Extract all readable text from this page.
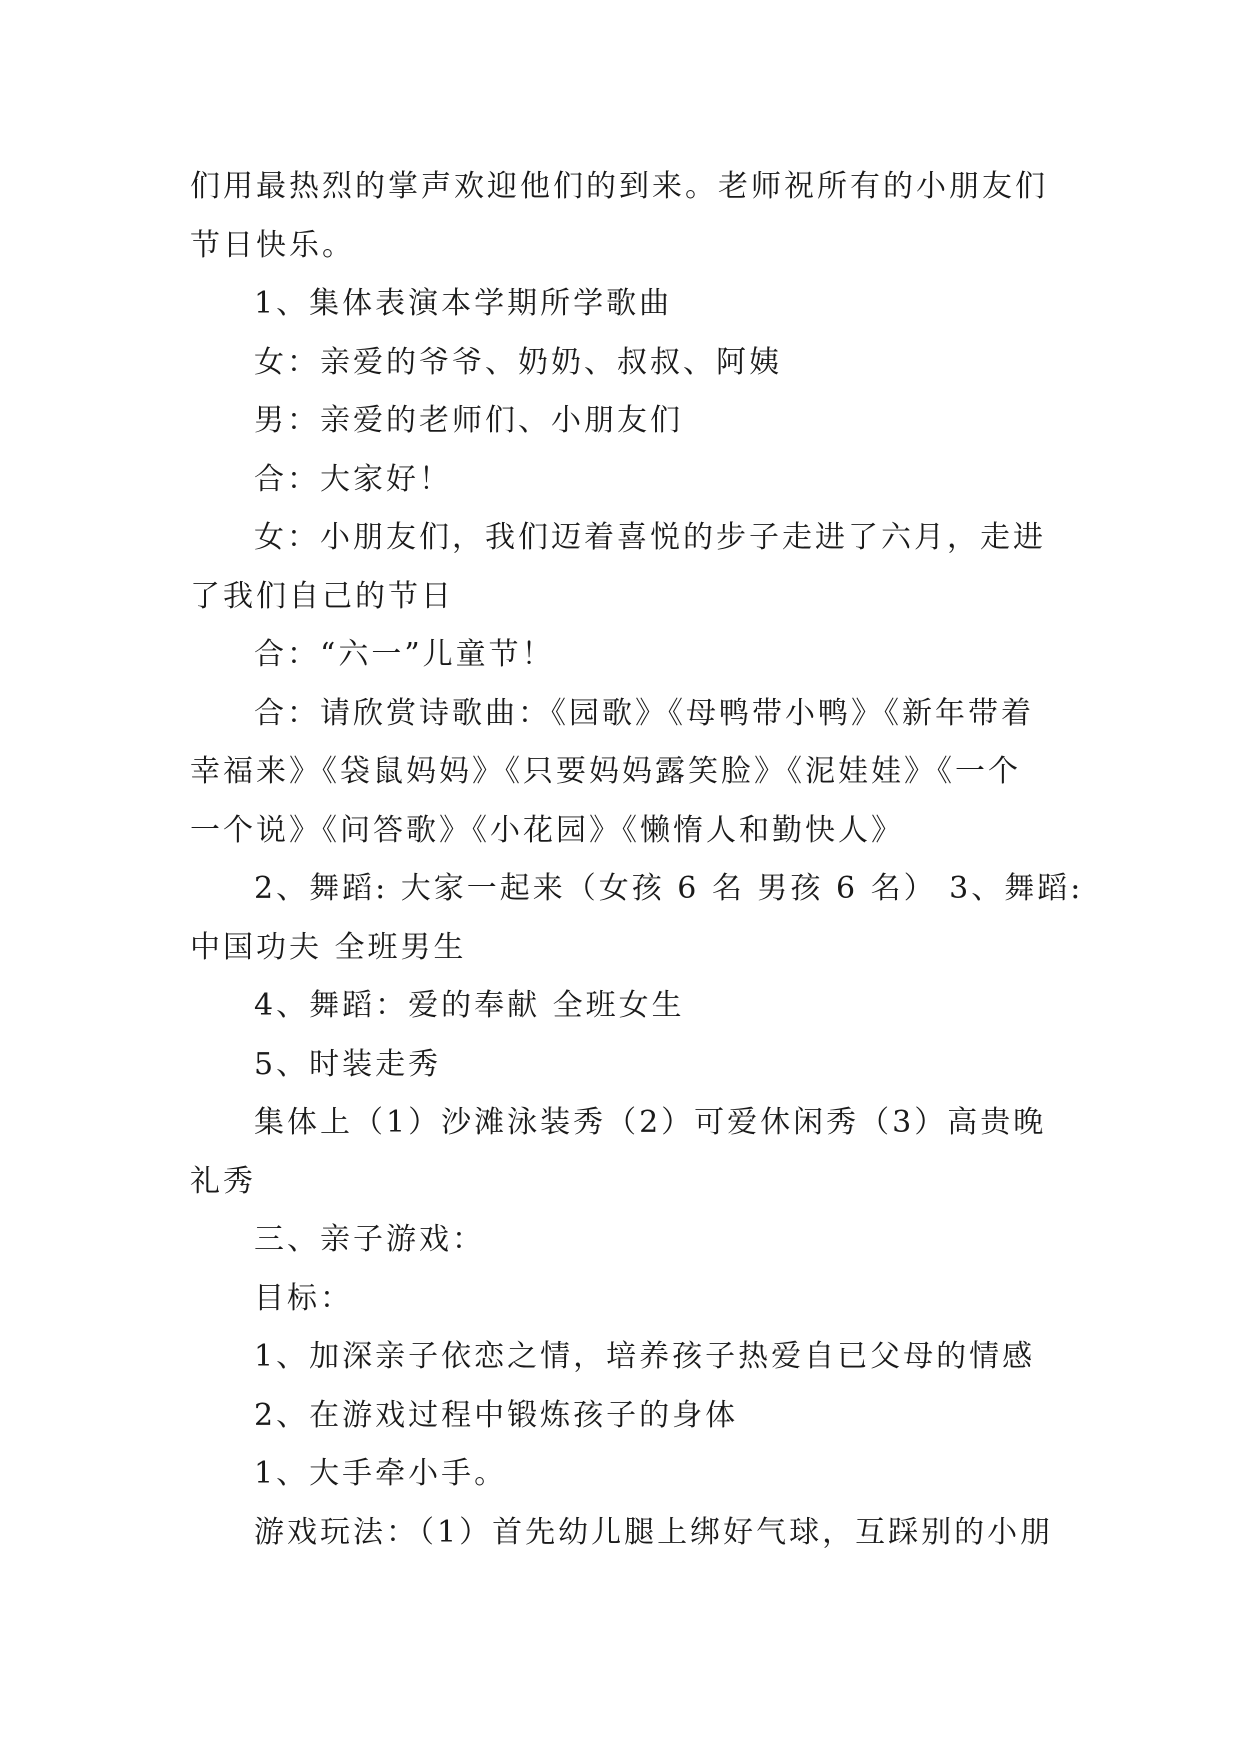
们用最热烈的掌声欢迎他们的到来。老师祝所有的小朋友们

节日快乐。

1、集体表演本学期所学歌曲

女：亲爱的爷爷、奶奶、叔叔、阿姨

男：亲爱的老师们、小朋友们

合：大家好！

女：小朋友们，我们迈着喜悦的步子走进了六月，走进

了我们自己的节日

合：“六一”儿童节！

合：请欣赏诗歌曲：《园歌》《母鸭带小鸭》《新年带着

幸福来》《袋鼠妈妈》《只要妈妈露笑脸》《泥娃娃》《一个

一个说》《问答歌》《小花园》《懒惰人和勤快人》

2、舞蹈: 大家一起来（女孩 6 名 男孩 6 名） 3、舞蹈:

中国功夫 全班男生

4、舞蹈：爱的奉献 全班女生

5、时装走秀

集体上（1）沙滩泳装秀（2）可爱休闲秀（3）高贵晚

礼秀

三、亲子游戏：

目标：

1、加深亲子依恋之情，培养孩子热爱自已父母的情感

2、在游戏过程中锻炼孩子的身体

1、大手牵小手。

游戏玩法：（1）首先幼儿腿上绑好气球，互踩别的小朋
